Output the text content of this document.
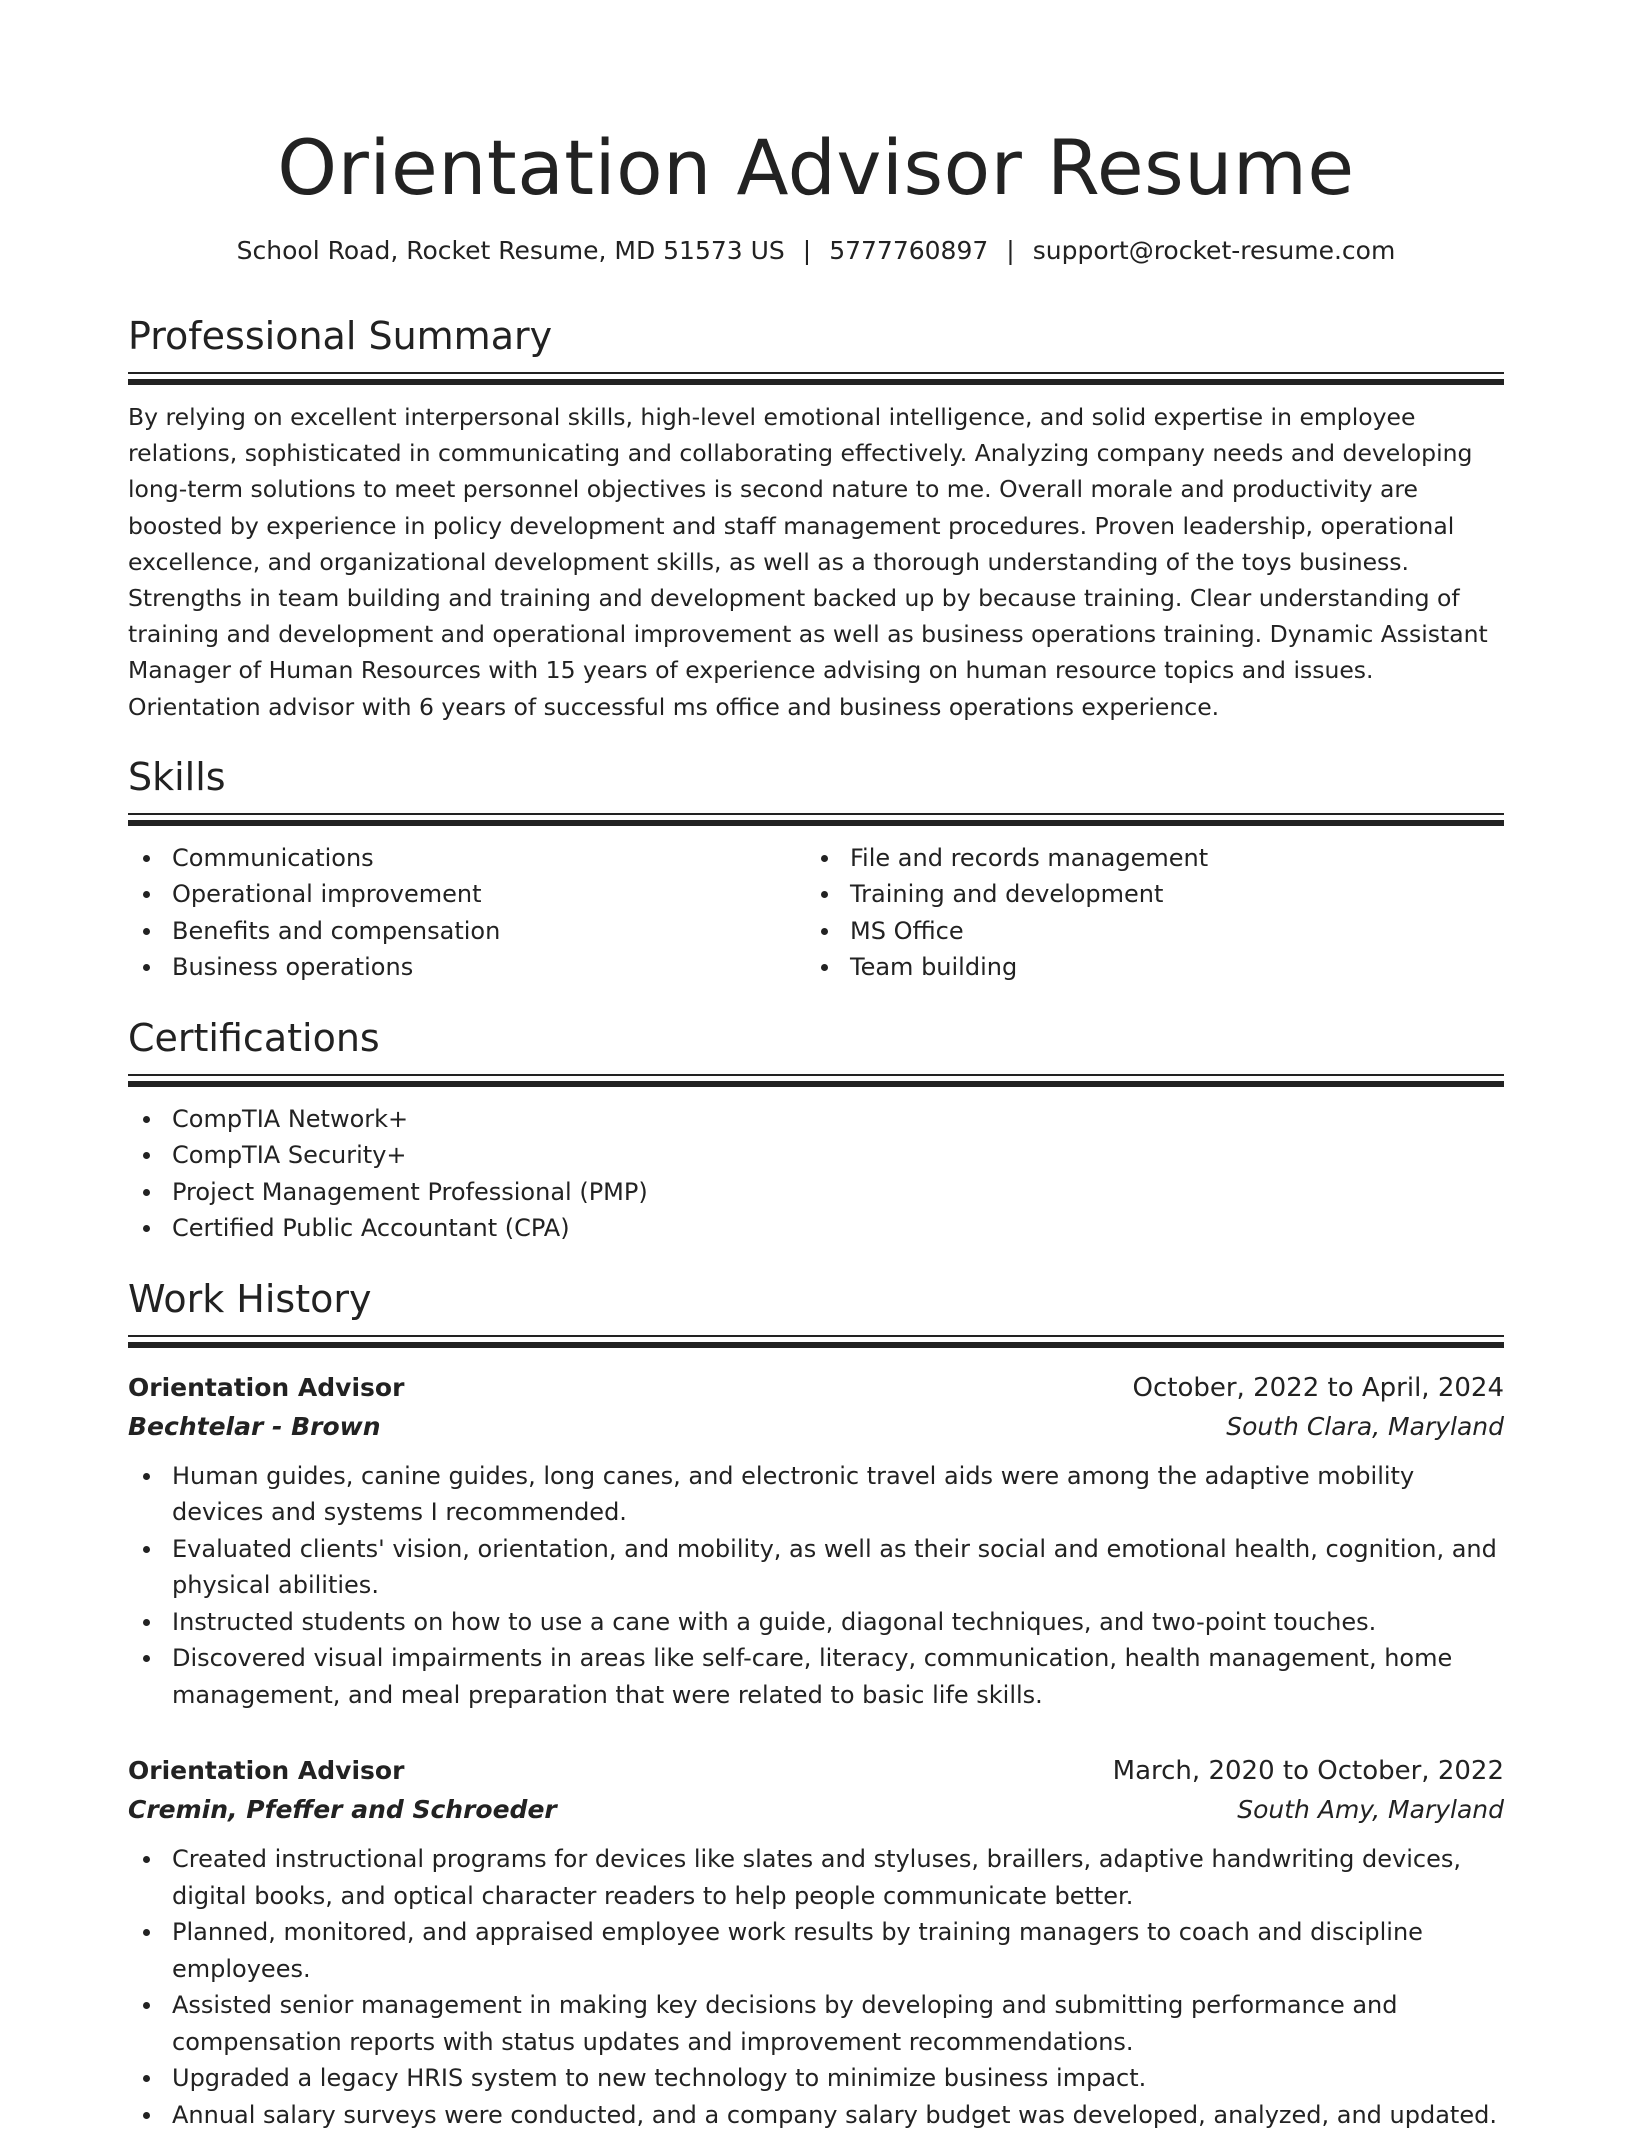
Orientation Advisor Resume
School Road, Rocket Resume, MD 51573 US | 5777760897 | support@rocket-resume.com
Professional Summary

By relying on excellent interpersonal skills, high-level emotional intelligence, and solid expertise in employee relations, sophisticated in communicating and collaborating effectively. Analyzing company needs and developing long-term solutions to meet personnel objectives is second nature to me. Overall morale and productivity are boosted by experience in policy development and staff management procedures. Proven leadership, operational excellence, and organizational development skills, as well as a thorough understanding of the toys business. Strengths in team building and training and development backed up by because training. Clear understanding of training and development and operational improvement as well as business operations training. Dynamic Assistant Manager of Human Resources with 15 years of experience advising on human resource topics and issues. Orientation advisor with 6 years of successful ms office and business operations experience.

Skills
Communications
Operational improvement
Benefits and compensation
Business operations
File and records management
Training and development
MS Office
Team building
Certifications
CompTIA Network+
CompTIA Security+
Project Management Professional (PMP)
Certified Public Accountant (CPA)
Work History
Orientation Advisor	October, 2022 to April, 2024
Bechtelar - Brown	South Clara, Maryland
Human guides, canine guides, long canes, and electronic travel aids were among the adaptive mobility devices and systems I recommended.
Evaluated clients' vision, orientation, and mobility, as well as their social and emotional health, cognition, and physical abilities.
Instructed students on how to use a cane with a guide, diagonal techniques, and two-point touches.
Discovered visual impairments in areas like self-care, literacy, communication, health management, home management, and meal preparation that were related to basic life skills.
Orientation Advisor	March, 2020 to October, 2022
Cremin, Pfeffer and Schroeder	South Amy, Maryland
Created instructional programs for devices like slates and styluses, braillers, adaptive handwriting devices, digital books, and optical character readers to help people communicate better.
Planned, monitored, and appraised employee work results by training managers to coach and discipline employees.
Assisted senior management in making key decisions by developing and submitting performance and compensation reports with status updates and improvement recommendations.
Upgraded a legacy HRIS system to new technology to minimize business impact.
Annual salary surveys were conducted, and a company salary budget was developed, analyzed, and updated.
